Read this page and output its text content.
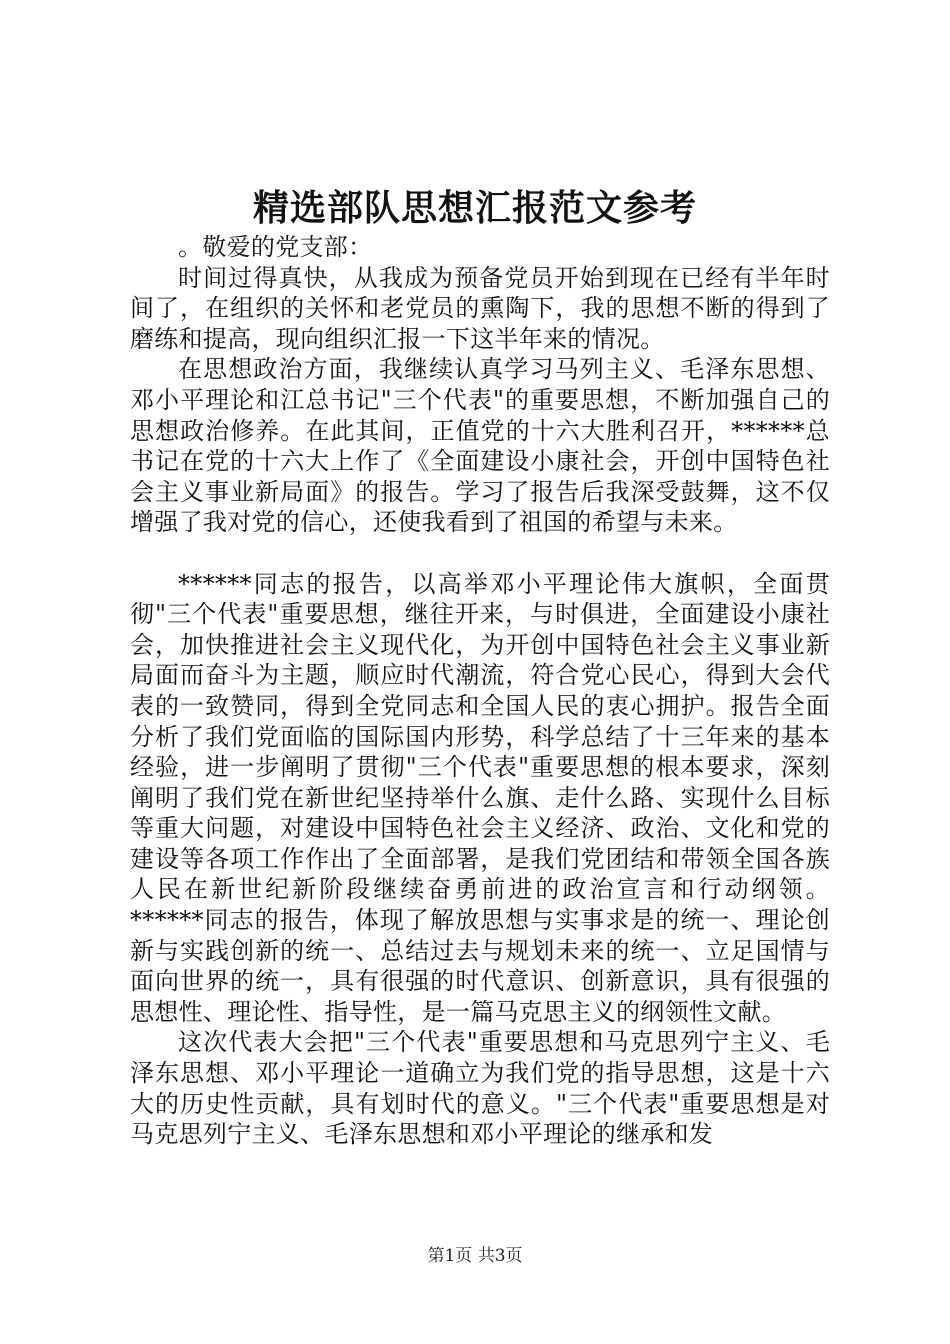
精选部队思想汇报范文参考

。敬爱的党支部：

时间过得真快，从我成为预备党员开始到现在已经有半年时间了，在组织的关怀和老党员的熏陶下，我的思想不断的得到了磨练和提高，现向组织汇报一下这半年来的情况。

在思想政治方面，我继续认真学习马列主义、毛泽东思想、邓小平理论和江总书记"三个代表"的重要思想，不断加强自己的思想政治修养。在此其间，正值党的十六大胜利召开，******总书记在党的十六大上作了《全面建设小康社会，开创中国特色社会主义事业新局面》的报告。学习了报告后我深受鼓舞，这不仅增强了我对党的信心，还使我看到了祖国的希望与未来。

******同志的报告，以高举邓小平理论伟大旗帜，全面贯彻"三个代表"重要思想，继往开来，与时俱进，全面建设小康社会，加快推进社会主义现代化，为开创中国特色社会主义事业新局面而奋斗为主题，顺应时代潮流，符合党心民心，得到大会代表的一致赞同，得到全党同志和全国人民的衷心拥护。报告全面分析了我们党面临的国际国内形势，科学总结了十三年来的基本经验，进一步阐明了贯彻"三个代表"重要思想的根本要求，深刻阐明了我们党在新世纪坚持举什么旗、走什么路、实现什么目标等重大问题，对建设中国特色社会主义经济、政治、文化和党的建设等各项工作作出了全面部署，是我们党团结和带领全国各族人民在新世纪新阶段继续奋勇前进的政治宣言和行动纲领。******同志的报告，体现了解放思想与实事求是的统一、理论创新与实践创新的统一、总结过去与规划未来的统一、立足国情与面向世界的统一，具有很强的时代意识、创新意识，具有很强的思想性、理论性、指导性，是一篇马克思主义的纲领性文献。

这次代表大会把"三个代表"重要思想和马克思列宁主义、毛泽东思想、邓小平理论一道确立为我们党的指导思想，这是十六大的历史性贡献，具有划时代的意义。"三个代表"重要思想是对马克思列宁主义、毛泽东思想和邓小平理论的继承和发

第1页 共3页
